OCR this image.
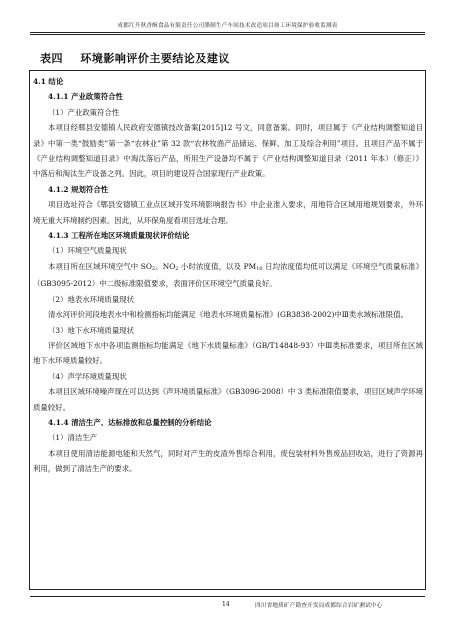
成都红升秋香酥食品有限责任公司腊制生产车间技术改造项目竣工环境保护验收监测表
表四    环境影响评价主要结论及建议

4.1 结论

4.1.1 产业政策符合性

（1）产业政策符合性

本项目经郫县安德镇人民政府安德镇技改备案[2015]12 号文，同意备案。同时，项目属于《产业结构调整知道目录》中第一类“鼓励类”第一条“农林业”第 32 款“农林牧渔产品储运、保鲜、加工及综合利用”项目。且项目产品不属于《产业结构调整知道目录》中淘汰落后产品，所用生产设备均不属于《产业结构调整知道目录（2011 年本）（修正）》中落后和淘汰生产设备之列。因此，项目的建设符合国家现行产业政策。

4.1.2 规划符合性

项目选址符合《郫县安德镇工业点区域开发环境影响报告书》中企业准入要求，用地符合区域用地规划要求，外环境无重大环境制约因素。因此，从环保角度看项目选址合理。

4.1.3 工程所在地区环境质量现状评价结论

（1）环境空气质量现状

本项目所在区域环境空气中 $SO_2$、$NO_2$ 小时浓度值，以及 $PM_{10}$ 日均浓度值均低可以满足《环境空气质量标准》（GB3095-2012）中二级标准限值要求，表面评价区环境空气质量良好。

（2）地表水环境质量现状

清水河评价河段地表水中和检测指标均能满足《地表水环境质量标准》(GB3838-2002)中Ⅲ类水域标准限值。

（3）地下水环境质量现状

评价区域地下水中各项监测指标均能满足《地下水质量标准》（GB/T14848-93）中Ⅲ类标准要求，项目所在区域地下水环境质量较好。

（4）声学环境质量现状

本项目区域环境噪声现在可以达到《声环境质量标准》（GB3096-2008）中 3 类标准限值要求，项目区域声学环境质量较好。

4.1.4 清洁生产、达标排放和总量控制的分析结论

（1）清洁生产

本项目使用清洁能源电能和天然气，同时对产生的皮渣外售综合利用，废包装材料外售废品回收站，进行了资源再利用，做到了清洁生产的要求。

14	四川省地质矿产勘查开发局成都综合岩矿测试中心
